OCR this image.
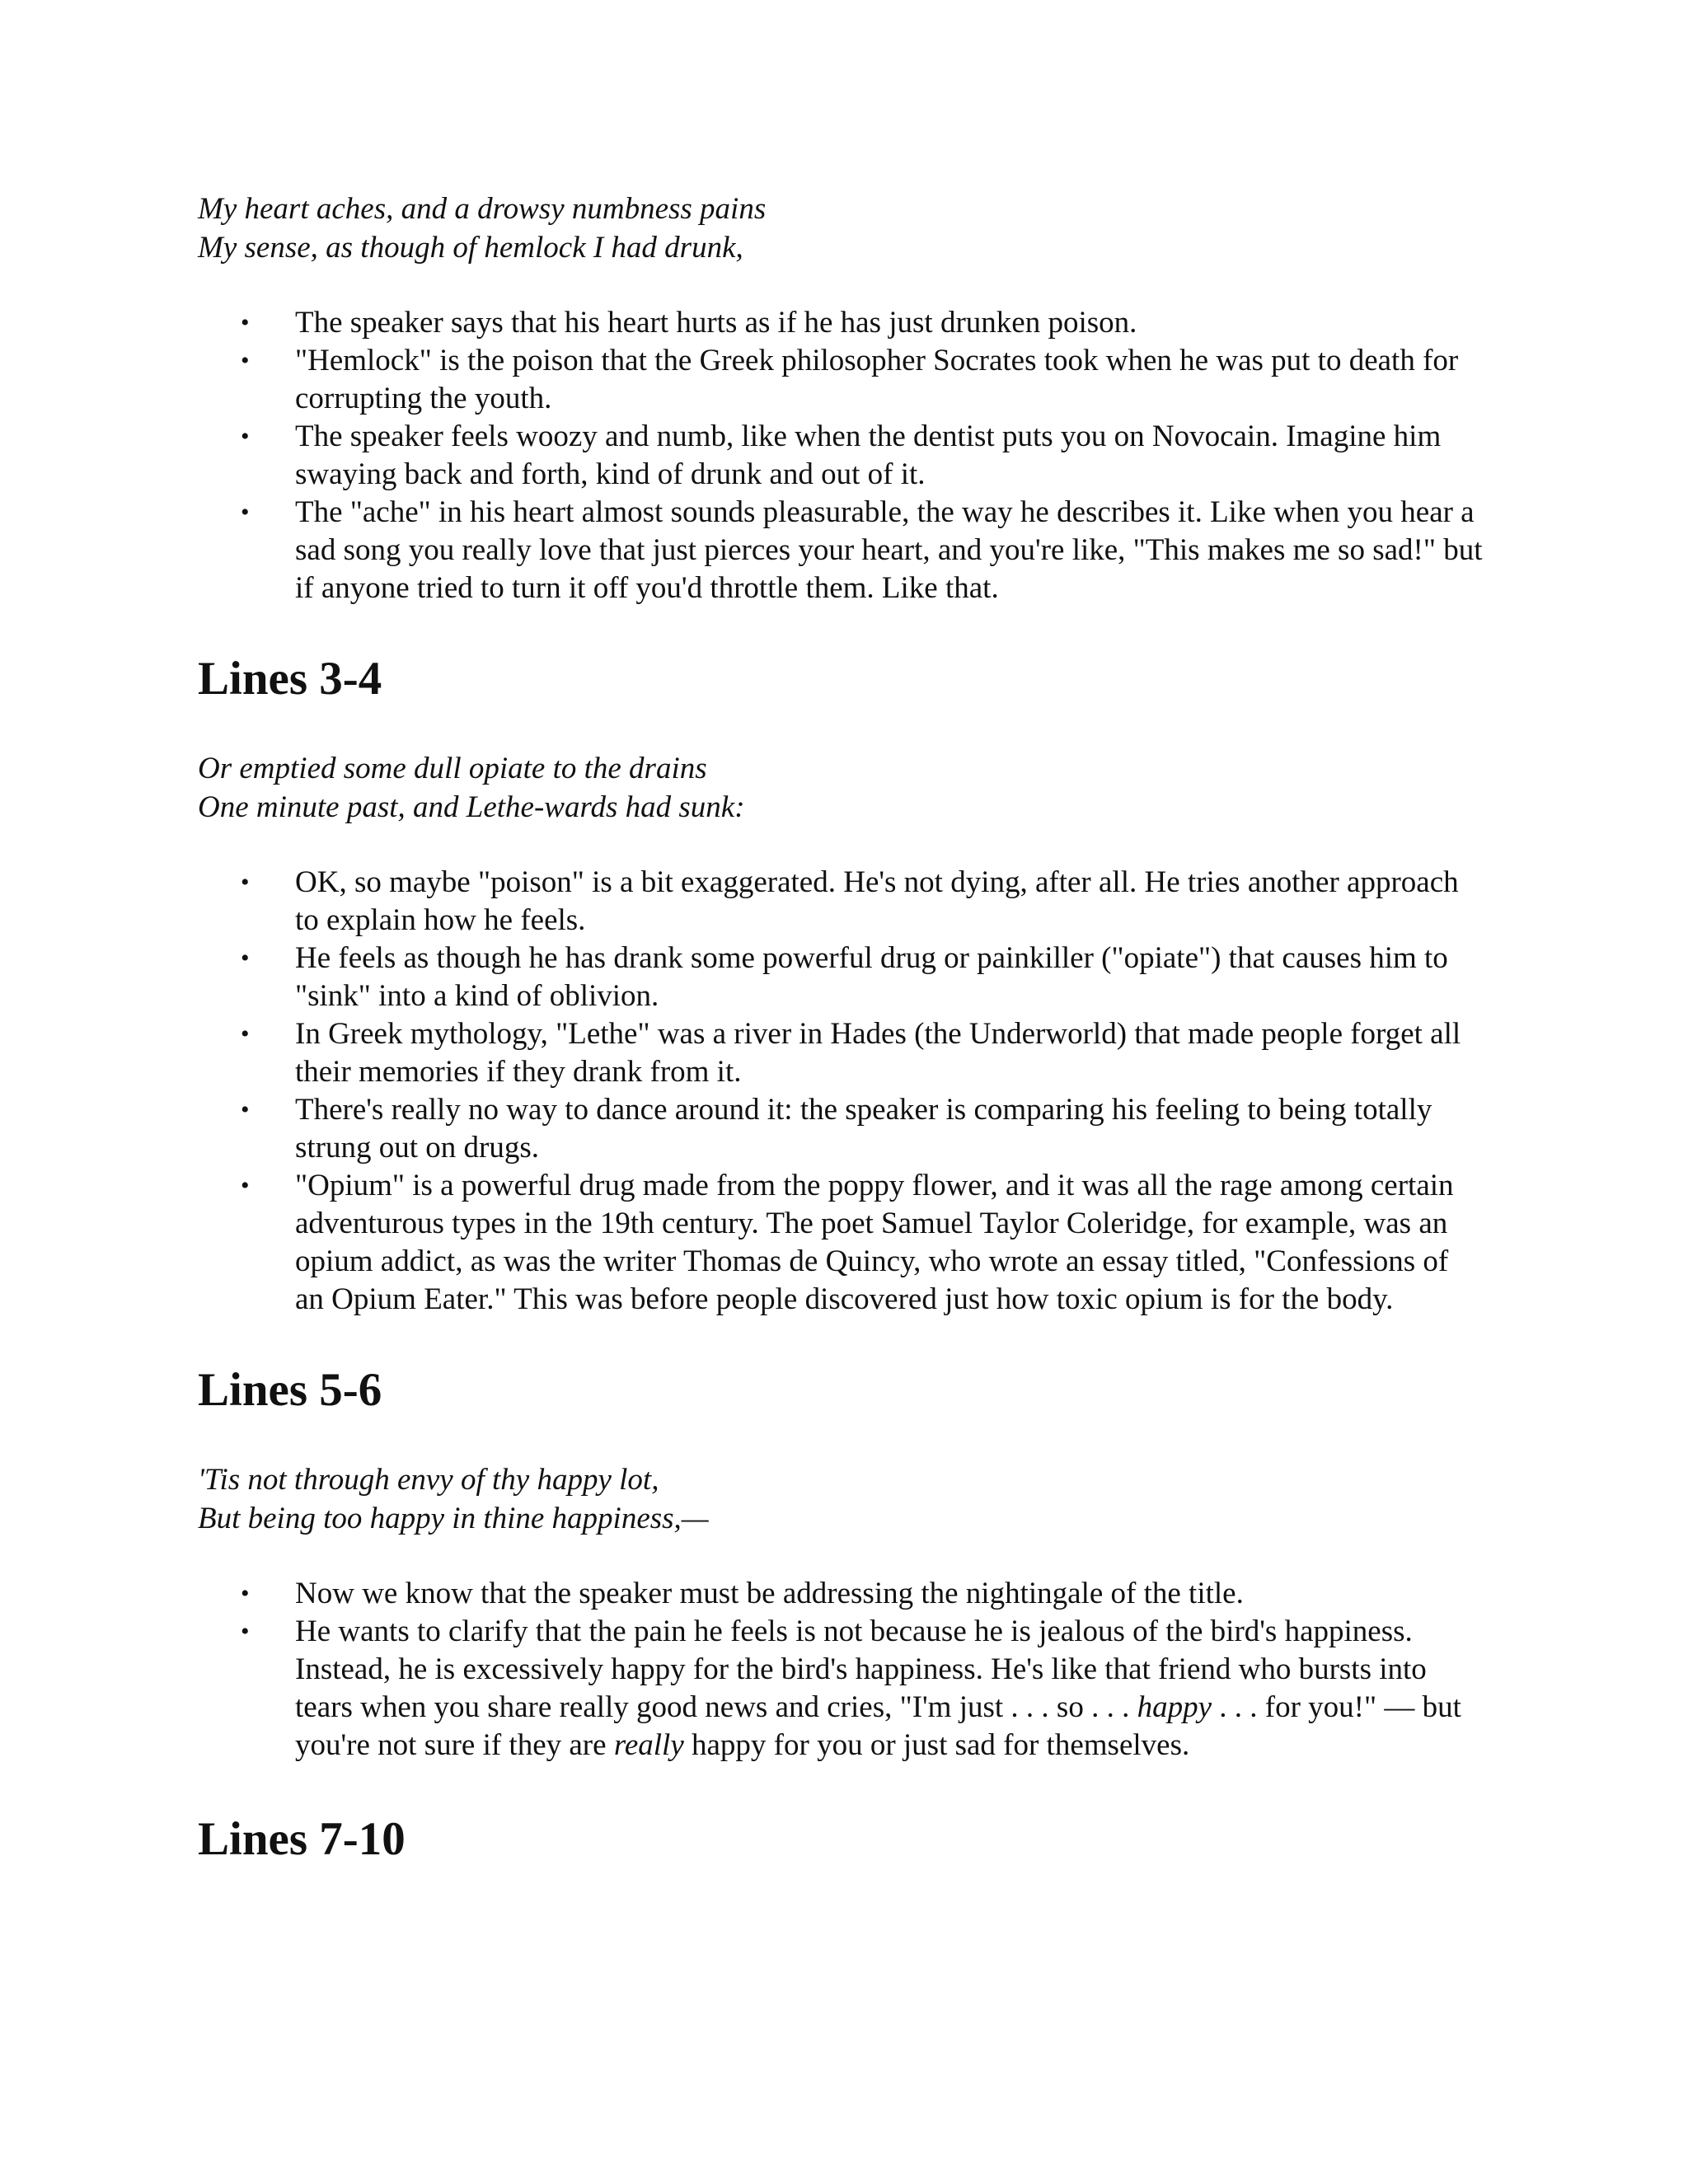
My heart aches, and a drowsy numbness pains
My sense, as though of hemlock I had drunk,

• The speaker says that his heart hurts as if he has just drunken poison.
• "Hemlock" is the poison that the Greek philosopher Socrates took when he was put to death for corrupting the youth.
• The speaker feels woozy and numb, like when the dentist puts you on Novocain. Imagine him swaying back and forth, kind of drunk and out of it.
• The "ache" in his heart almost sounds pleasurable, the way he describes it. Like when you hear a sad song you really love that just pierces your heart, and you're like, "This makes me so sad!" but if anyone tried to turn it off you'd throttle them. Like that.
Lines 3-4

Or emptied some dull opiate to the drains
One minute past, and Lethe-wards had sunk:

• OK, so maybe "poison" is a bit exaggerated. He's not dying, after all. He tries another approach to explain how he feels.
• He feels as though he has drank some powerful drug or painkiller ("opiate") that causes him to "sink" into a kind of oblivion.
• In Greek mythology, "Lethe" was a river in Hades (the Underworld) that made people forget all their memories if they drank from it.
• There's really no way to dance around it: the speaker is comparing his feeling to being totally strung out on drugs.
• "Opium" is a powerful drug made from the poppy flower, and it was all the rage among certain adventurous types in the 19th century. The poet Samuel Taylor Coleridge, for example, was an opium addict, as was the writer Thomas de Quincy, who wrote an essay titled, "Confessions of an Opium Eater." This was before people discovered just how toxic opium is for the body.
Lines 5-6

'Tis not through envy of thy happy lot,
But being too happy in thine happiness,—

• Now we know that the speaker must be addressing the nightingale of the title.
• He wants to clarify that the pain he feels is not because he is jealous of the bird's happiness. Instead, he is excessively happy for the bird's happiness. He's like that friend who bursts into tears when you share really good news and cries, "I'm just . . . so . . . happy . . . for you!" — but you're not sure if they are really happy for you or just sad for themselves.
Lines 7-10
